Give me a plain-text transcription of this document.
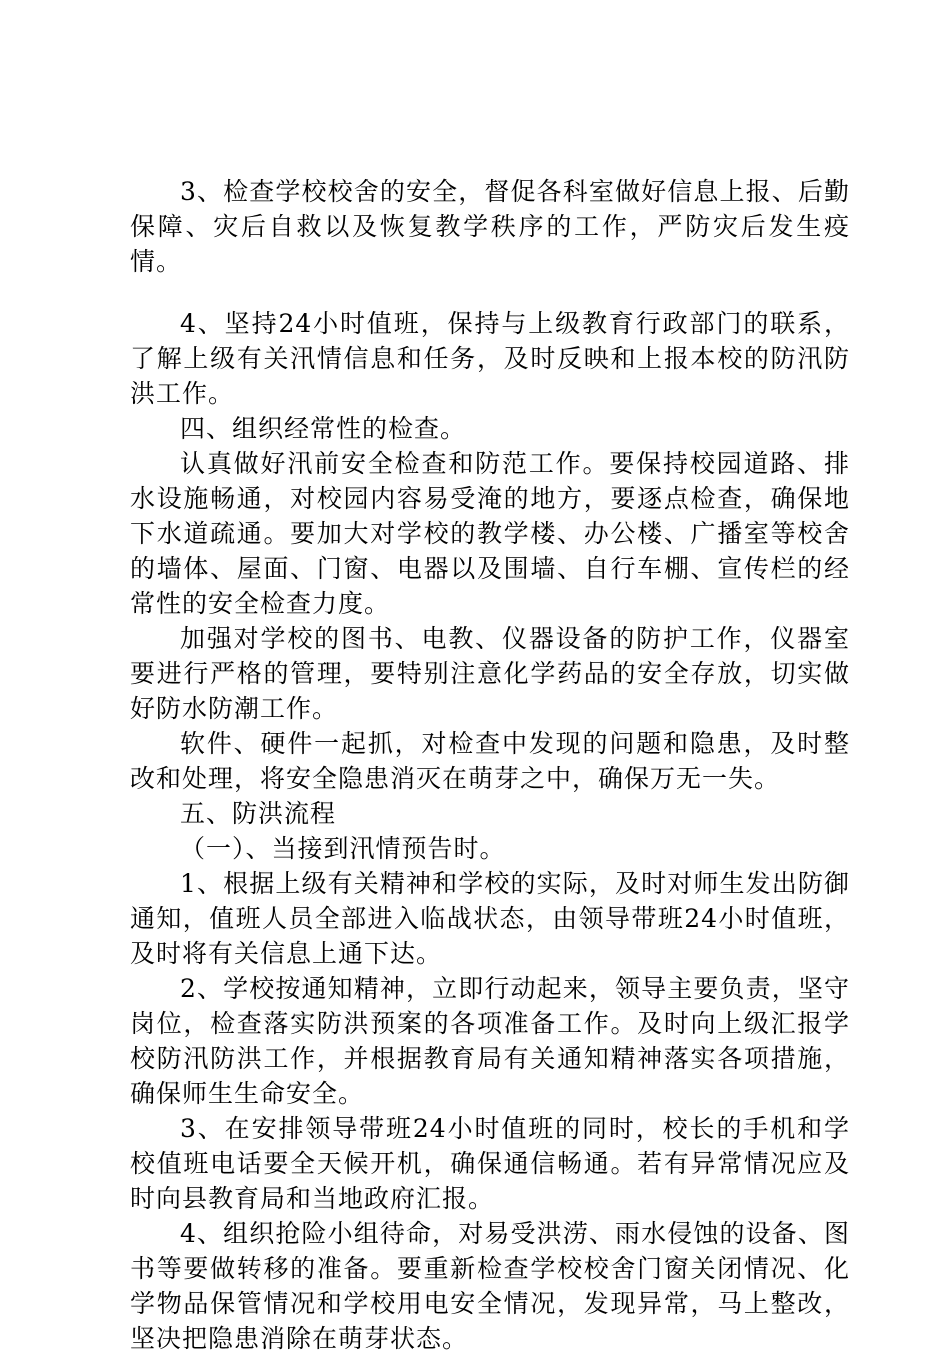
3、检查学校校舍的安全，督促各科室做好信息上报、后勤保障、灾后自救以及恢复教学秩序的工作，严防灾后发生疫情。

4、坚持24小时值班，保持与上级教育行政部门的联系，了解上级有关汛情信息和任务，及时反映和上报本校的防汛防洪工作。

四、组织经常性的检查。

认真做好汛前安全检查和防范工作。要保持校园道路、排水设施畅通，对校园内容易受淹的地方，要逐点检查，确保地下水道疏通。要加大对学校的教学楼、办公楼、广播室等校舍的墙体、屋面、门窗、电器以及围墙、自行车棚、宣传栏的经常性的安全检查力度。

加强对学校的图书、电教、仪器设备的防护工作，仪器室要进行严格的管理，要特别注意化学药品的安全存放，切实做好防水防潮工作。

软件、硬件一起抓，对检查中发现的问题和隐患，及时整改和处理，将安全隐患消灭在萌芽之中，确保万无一失。

五、防洪流程

（一）、当接到汛情预告时。

1、根据上级有关精神和学校的实际，及时对师生发出防御通知，值班人员全部进入临战状态，由领导带班24小时值班，及时将有关信息上通下达。

2、学校按通知精神，立即行动起来，领导主要负责，坚守岗位，检查落实防洪预案的各项准备工作。及时向上级汇报学校防汛防洪工作，并根据教育局有关通知精神落实各项措施，确保师生生命安全。

3、在安排领导带班24小时值班的同时，校长的手机和学校值班电话要全天候开机，确保通信畅通。若有异常情况应及时向县教育局和当地政府汇报。

4、组织抢险小组待命，对易受洪涝、雨水侵蚀的设备、图书等要做转移的准备。要重新检查学校校舍门窗关闭情况、化学物品保管情况和学校用电安全情况，发现异常，马上整改，坚决把隐患消除在萌芽状态。
